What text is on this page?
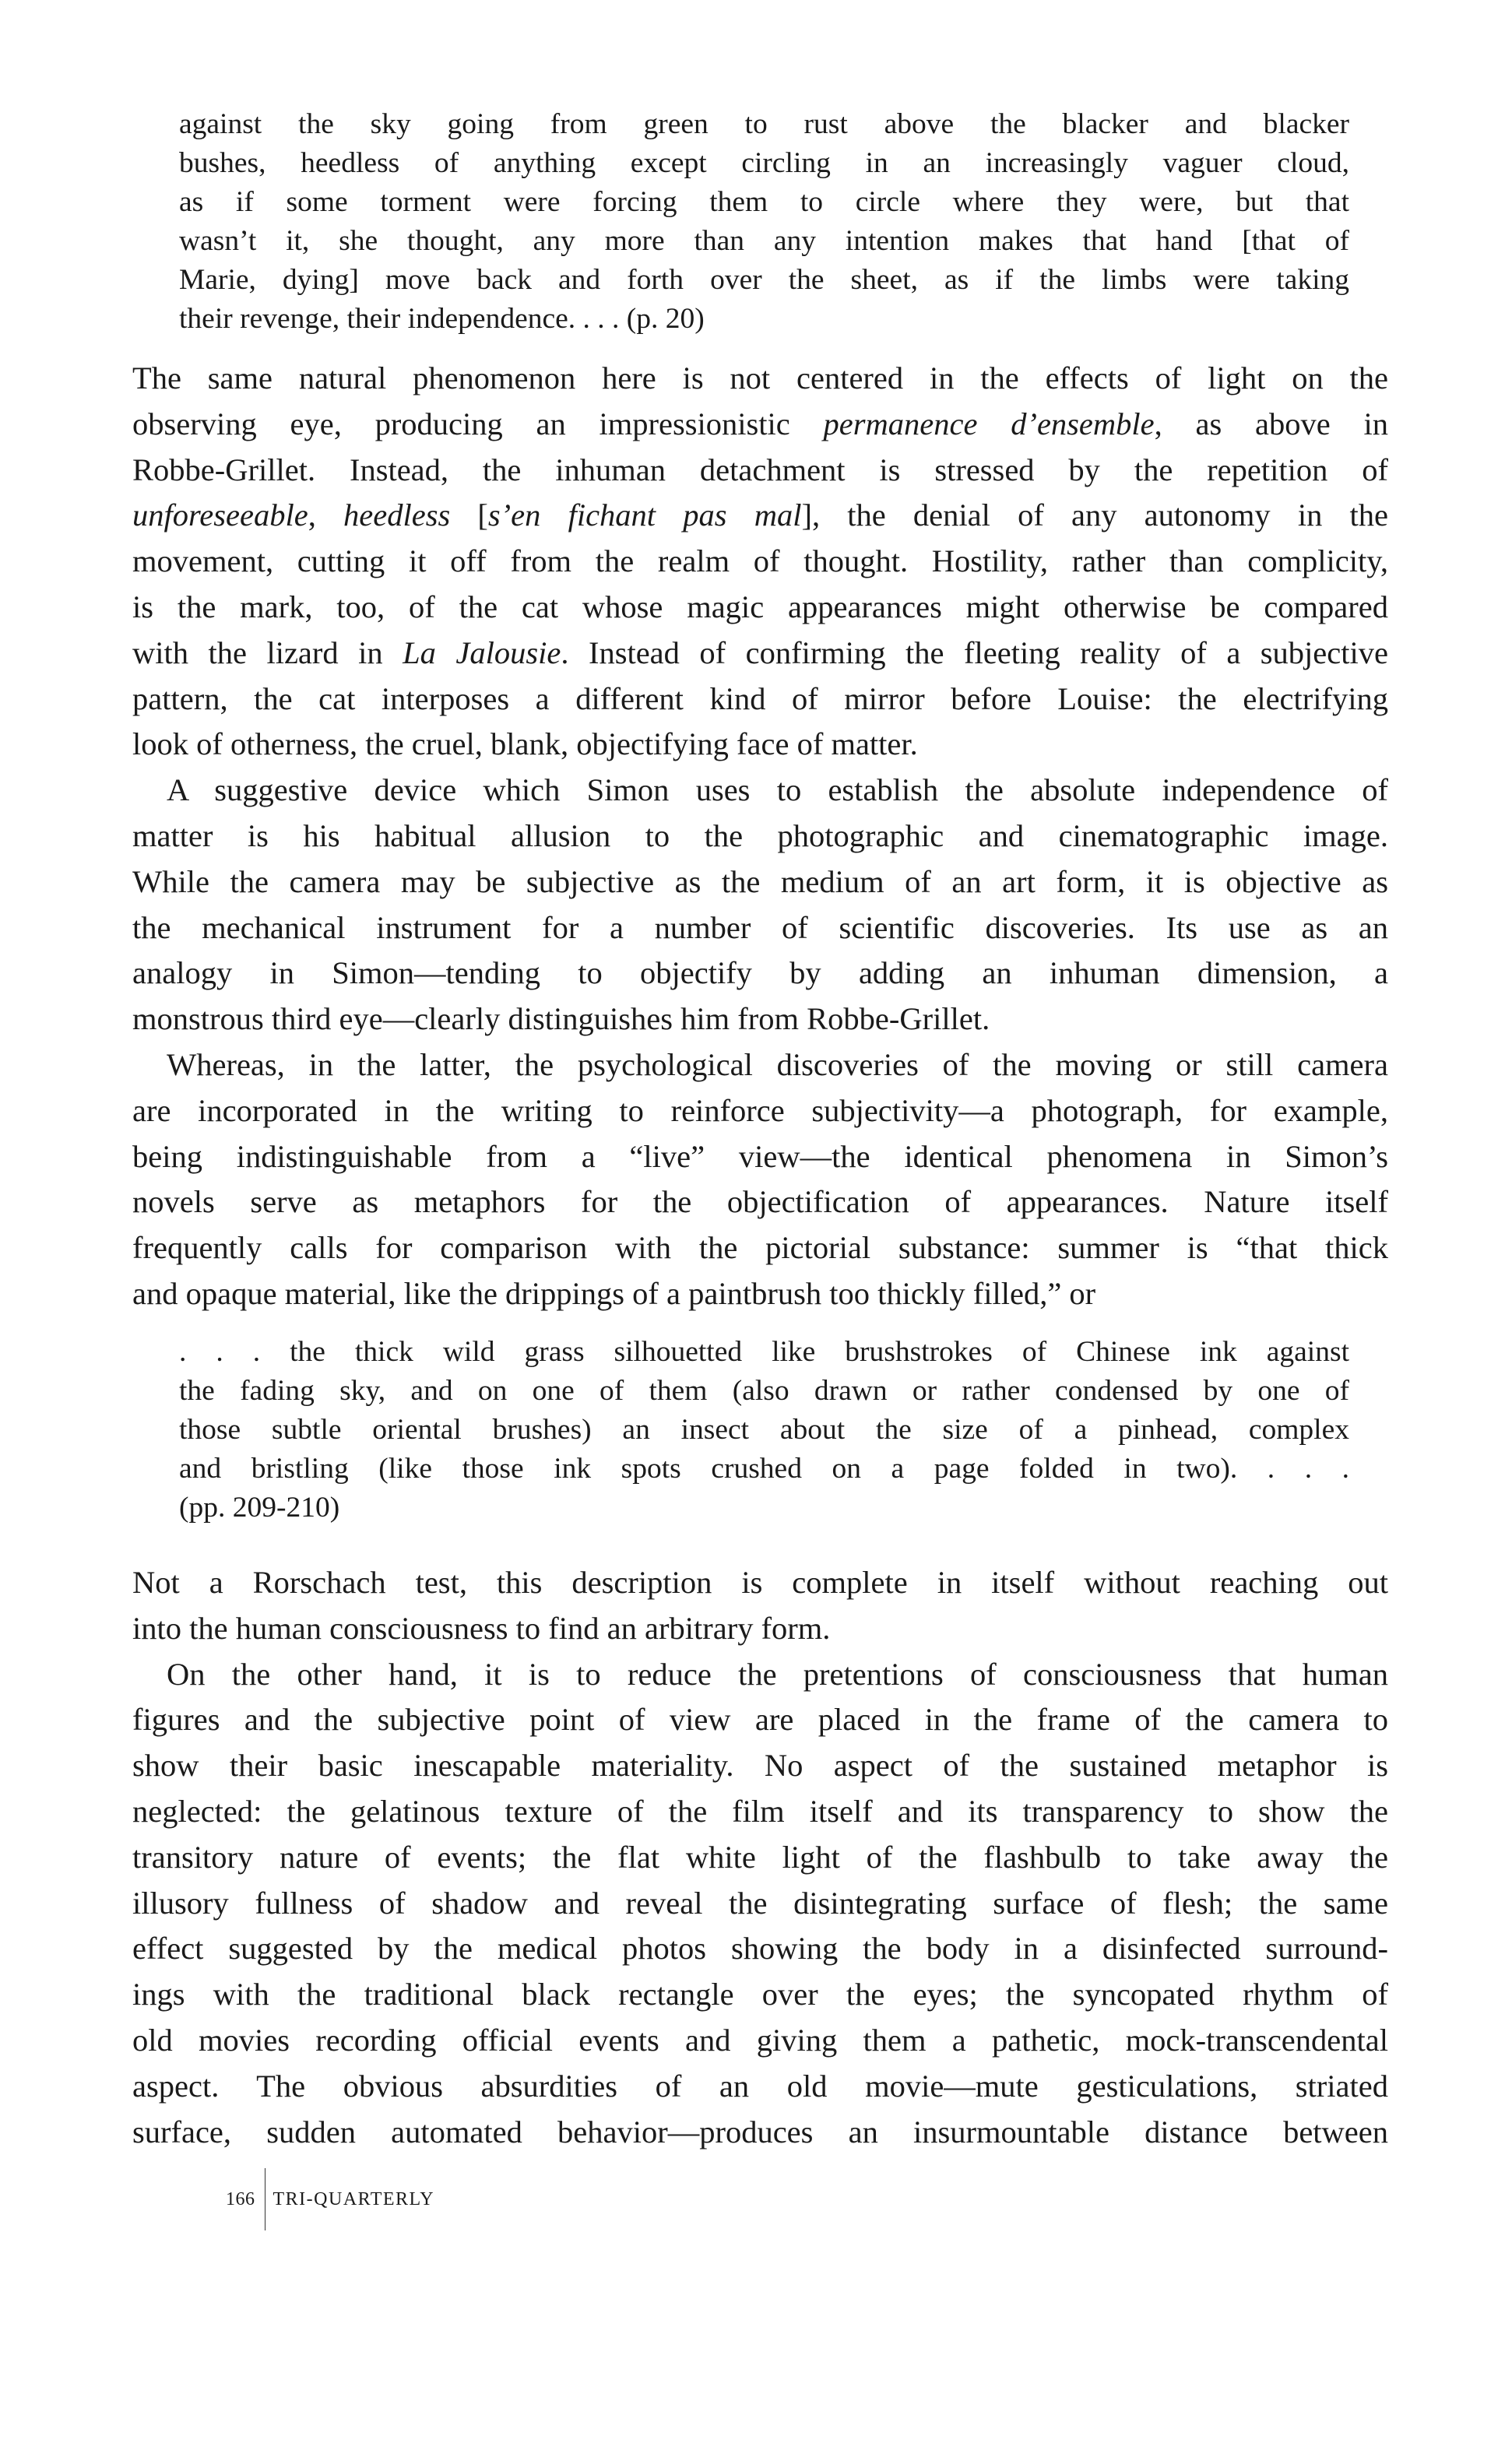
against the sky going from green to rust above the blacker and blacker
bushes, heedless of anything except circling in an increasingly vaguer cloud,
as if some torment were forcing them to circle where they were, but that
wasn’t it, she thought, any more than any intention makes that hand [that of
Marie, dying] move back and forth over the sheet, as if the limbs were taking
their revenge, their independence. . . . (p. 20)
The same natural phenomenon here is not centered in the effects of light on the
observing eye, producing an impressionistic permanence d’ensemble, as above in
Robbe-Grillet. Instead, the inhuman detachment is stressed by the repetition of
unforeseeable, heedless [s’en fichant pas mal], the denial of any autonomy in the
movement, cutting it off from the realm of thought. Hostility, rather than complicity,
is the mark, too, of the cat whose magic appearances might otherwise be compared
with the lizard in La Jalousie. Instead of confirming the fleeting reality of a subjective
pattern, the cat interposes a different kind of mirror before Louise: the electrifying
look of otherness, the cruel, blank, objectifying face of matter.
A suggestive device which Simon uses to establish the absolute independence of
matter is his habitual allusion to the photographic and cinematographic image.
While the camera may be subjective as the medium of an art form, it is objective as
the mechanical instrument for a number of scientific discoveries. Its use as an
analogy in Simon—tending to objectify by adding an inhuman dimension, a
monstrous third eye—clearly distinguishes him from Robbe-Grillet.
Whereas, in the latter, the psychological discoveries of the moving or still camera
are incorporated in the writing to reinforce subjectivity—a photograph, for example,
being indistinguishable from a “live” view—the identical phenomena in Simon’s
novels serve as metaphors for the objectification of appearances. Nature itself
frequently calls for comparison with the pictorial substance: summer is “that thick
and opaque material, like the drippings of a paintbrush too thickly filled,” or
. . . the thick wild grass silhouetted like brushstrokes of Chinese ink against
the fading sky, and on one of them (also drawn or rather condensed by one of
those subtle oriental brushes) an insect about the size of a pinhead, complex
and bristling (like those ink spots crushed on a page folded in two). . . .
(pp. 209-210)
Not a Rorschach test, this description is complete in itself without reaching out
into the human consciousness to find an arbitrary form.
On the other hand, it is to reduce the pretentions of consciousness that human
figures and the subjective point of view are placed in the frame of the camera to
show their basic inescapable materiality. No aspect of the sustained metaphor is
neglected: the gelatinous texture of the film itself and its transparency to show the
transitory nature of events; the flat white light of the flashbulb to take away the
illusory fullness of shadow and reveal the disintegrating surface of flesh; the same
effect suggested by the medical photos showing the body in a disinfected surround-
ings with the traditional black rectangle over the eyes; the syncopated rhythm of
old movies recording official events and giving them a pathetic, mock-transcendental
aspect. The obvious absurdities of an old movie—mute gesticulations, striated
surface, sudden automated behavior—produces an insurmountable distance between
166 TRI-QUARTERLY
